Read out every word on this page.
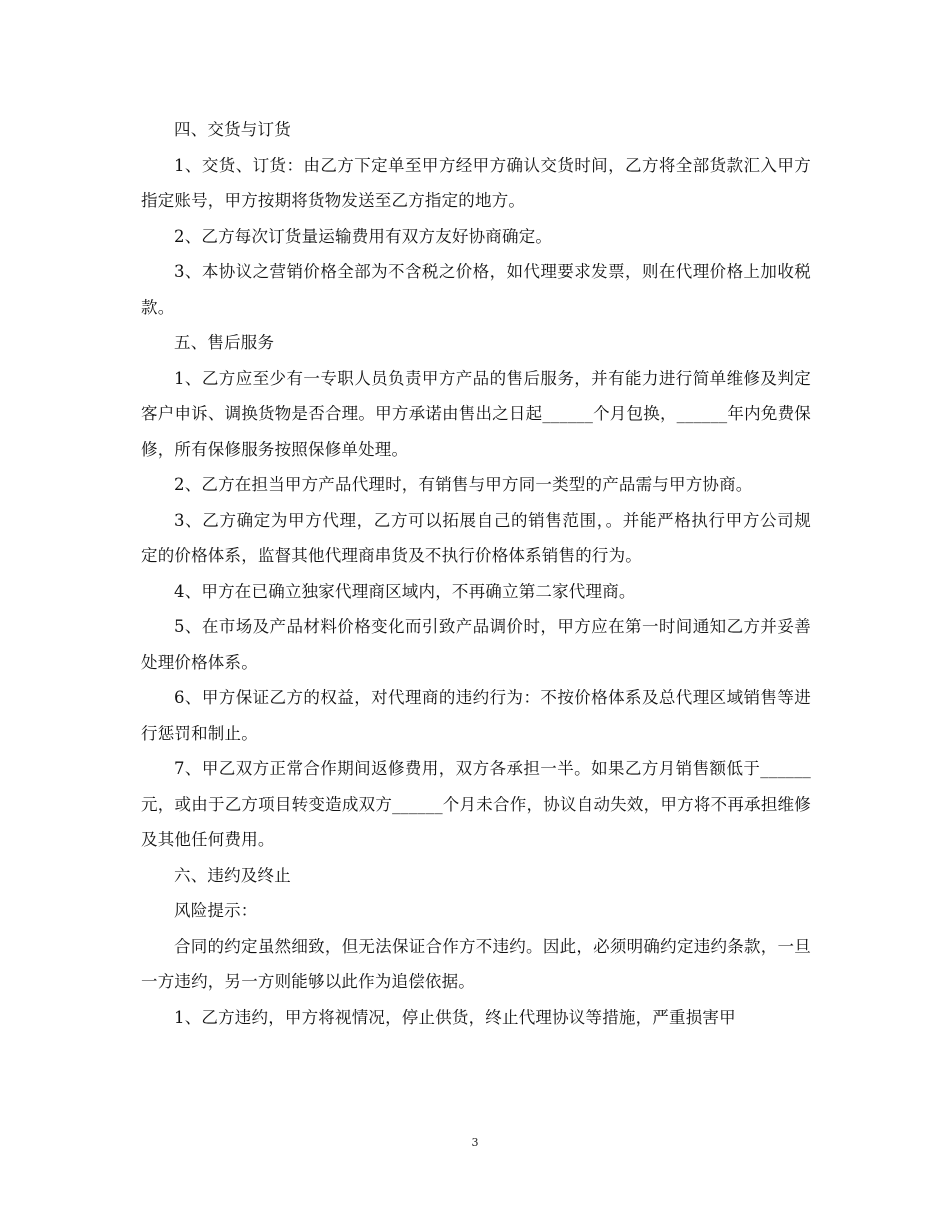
四、交货与订货

1、交货、订货：由乙方下定单至甲方经甲方确认交货时间，乙方将全部货款汇入甲方指定账号，甲方按期将货物发送至乙方指定的地方。

2、乙方每次订货量运输费用有双方友好协商确定。

3、本协议之营销价格全部为不含税之价格，如代理要求发票，则在代理价格上加收税款。

五、售后服务

1、乙方应至少有一专职人员负责甲方产品的售后服务，并有能力进行简单维修及判定客户申诉、调换货物是否合理。甲方承诺由售出之日起______个月包换，______年内免费保修，所有保修服务按照保修单处理。

2、乙方在担当甲方产品代理时，有销售与甲方同一类型的产品需与甲方协商。

3、乙方确定为甲方代理，乙方可以拓展自己的销售范围，。并能严格执行甲方公司规定的价格体系，监督其他代理商串货及不执行价格体系销售的行为。

4、甲方在已确立独家代理商区域内，不再确立第二家代理商。

5、在市场及产品材料价格变化而引致产品调价时，甲方应在第一时间通知乙方并妥善处理价格体系。

6、甲方保证乙方的权益，对代理商的违约行为：不按价格体系及总代理区域销售等进行惩罚和制止。

7、甲乙双方正常合作期间返修费用，双方各承担一半。如果乙方月销售额低于______元，或由于乙方项目转变造成双方______个月未合作，协议自动失效，甲方将不再承担维修及其他任何费用。

六、违约及终止

风险提示：

合同的约定虽然细致，但无法保证合作方不违约。因此，必须明确约定违约条款，一旦一方违约，另一方则能够以此作为追偿依据。

1、乙方违约，甲方将视情况，停止供货，终止代理协议等措施，严重损害甲

3
